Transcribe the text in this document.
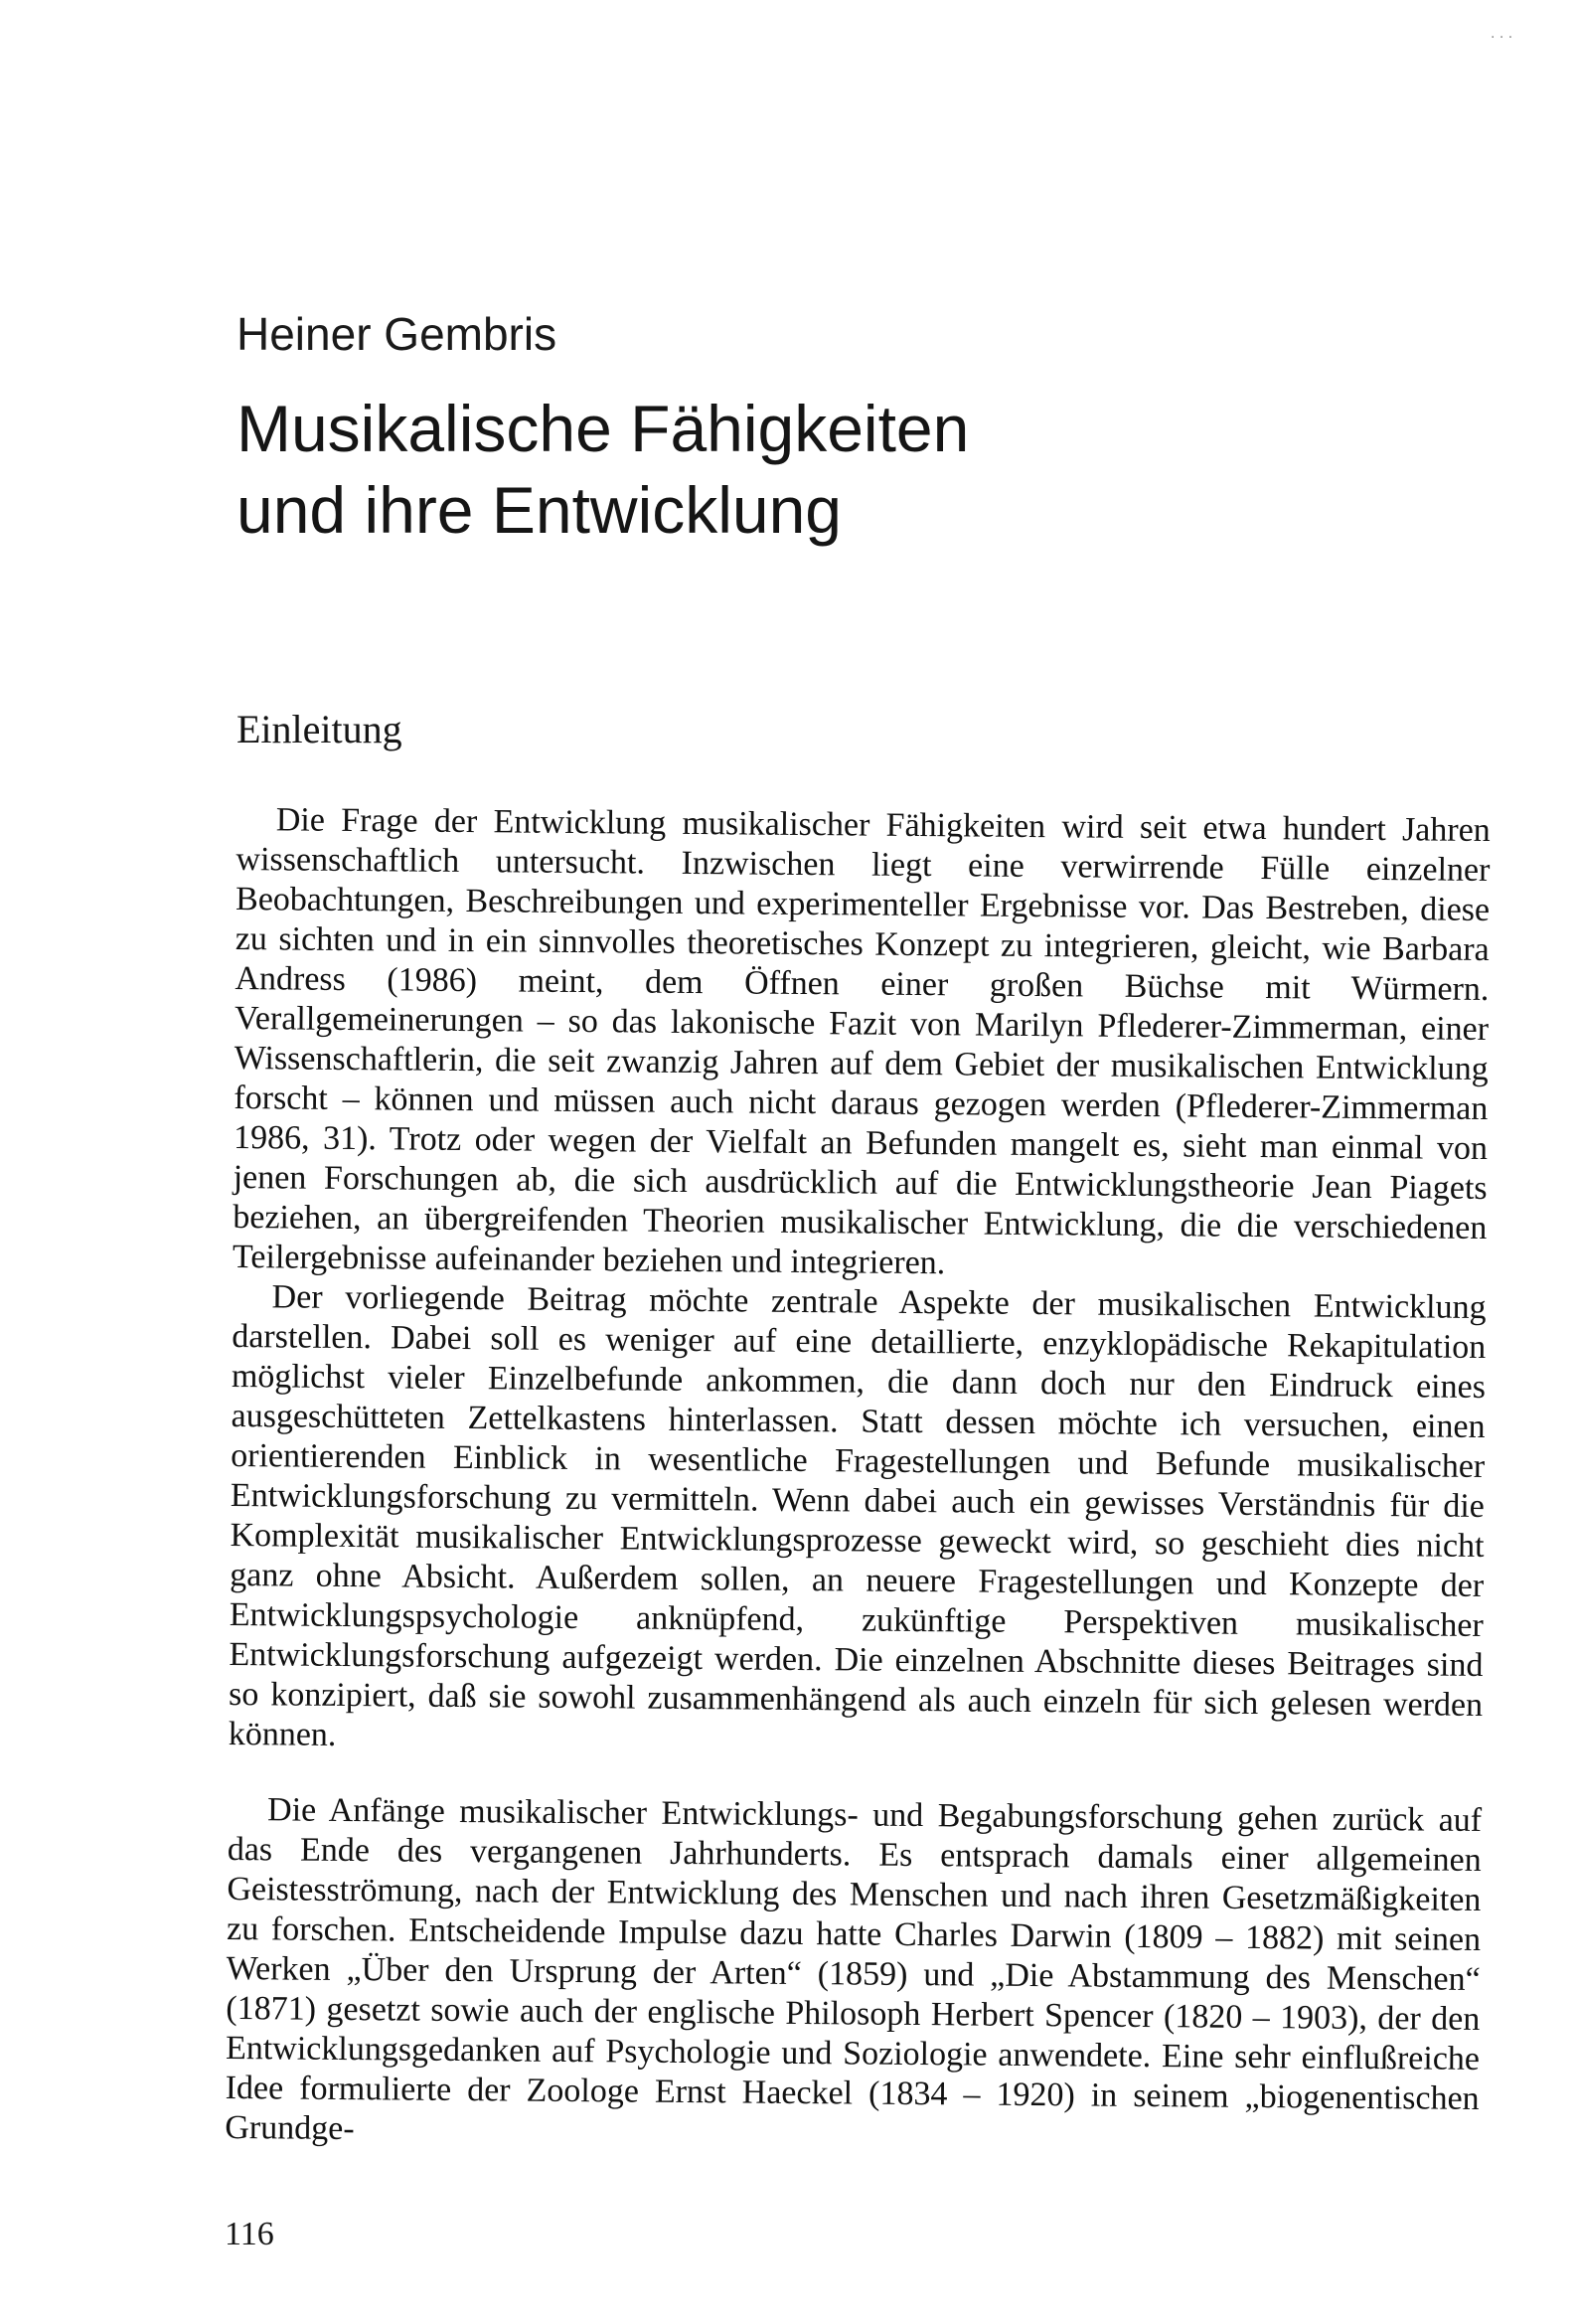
· · ·
Heiner Gembris
Musikalische Fähigkeiten
und ihre Entwicklung
Einleitung

Die Frage der Entwicklung musikalischer Fähigkeiten wird seit etwa hundert Jahren wissenschaftlich untersucht. Inzwischen liegt eine verwirrende Fülle einzelner Beobachtungen, Beschreibungen und experimenteller Ergebnisse vor. Das Bestreben, diese zu sichten und in ein sinnvolles theoretisches Konzept zu integrieren, gleicht, wie Barbara Andress (1986) meint, dem Öffnen einer großen Büchse mit Würmern. Verallgemeinerungen – so das lakonische Fazit von Marilyn Pflederer-Zimmerman, einer Wissenschaftlerin, die seit zwanzig Jahren auf dem Gebiet der musikalischen Entwicklung forscht – können und müssen auch nicht daraus gezogen werden (Pflederer-Zimmerman 1986, 31). Trotz oder wegen der Vielfalt an Befunden mangelt es, sieht man einmal von jenen Forschungen ab, die sich ausdrücklich auf die Entwicklungstheorie Jean Piagets beziehen, an übergreifenden Theorien musikalischer Entwicklung, die die verschiedenen Teilergebnisse aufeinander beziehen und integrieren.

Der vorliegende Beitrag möchte zentrale Aspekte der musikalischen Entwicklung darstellen. Dabei soll es weniger auf eine detaillierte, enzyklopädische Rekapitulation möglichst vieler Einzelbefunde ankommen, die dann doch nur den Eindruck eines ausgeschütteten Zettelkastens hinterlassen. Statt dessen möchte ich versuchen, einen orientierenden Einblick in wesentliche Fragestellungen und Befunde musikalischer Entwicklungsforschung zu vermitteln. Wenn dabei auch ein gewisses Verständnis für die Komplexität musikalischer Entwicklungsprozesse geweckt wird, so geschieht dies nicht ganz ohne Absicht. Außerdem sollen, an neuere Fragestellungen und Konzepte der Entwicklungspsychologie anknüpfend, zukünftige Perspektiven musikalischer Entwicklungsforschung aufgezeigt werden. Die einzelnen Abschnitte dieses Beitrages sind so konzipiert, daß sie sowohl zusammenhängend als auch einzeln für sich gelesen werden können.

Die Anfänge musikalischer Entwicklungs- und Begabungsforschung gehen zurück auf das Ende des vergangenen Jahrhunderts. Es entsprach damals einer allgemeinen Geistesströmung, nach der Entwicklung des Menschen und nach ihren Gesetzmäßigkeiten zu forschen. Entscheidende Impulse dazu hatte Charles Darwin (1809 – 1882) mit seinen Werken „Über den Ursprung der Arten“ (1859) und „Die Abstammung des Menschen“ (1871) gesetzt sowie auch der englische Philosoph Herbert Spencer (1820 – 1903), der den Entwicklungsgedanken auf Psychologie und Soziologie anwendete. Eine sehr einflußreiche Idee formulierte der Zoologe Ernst Haeckel (1834 – 1920) in seinem „biogenentischen Grundge-

116
